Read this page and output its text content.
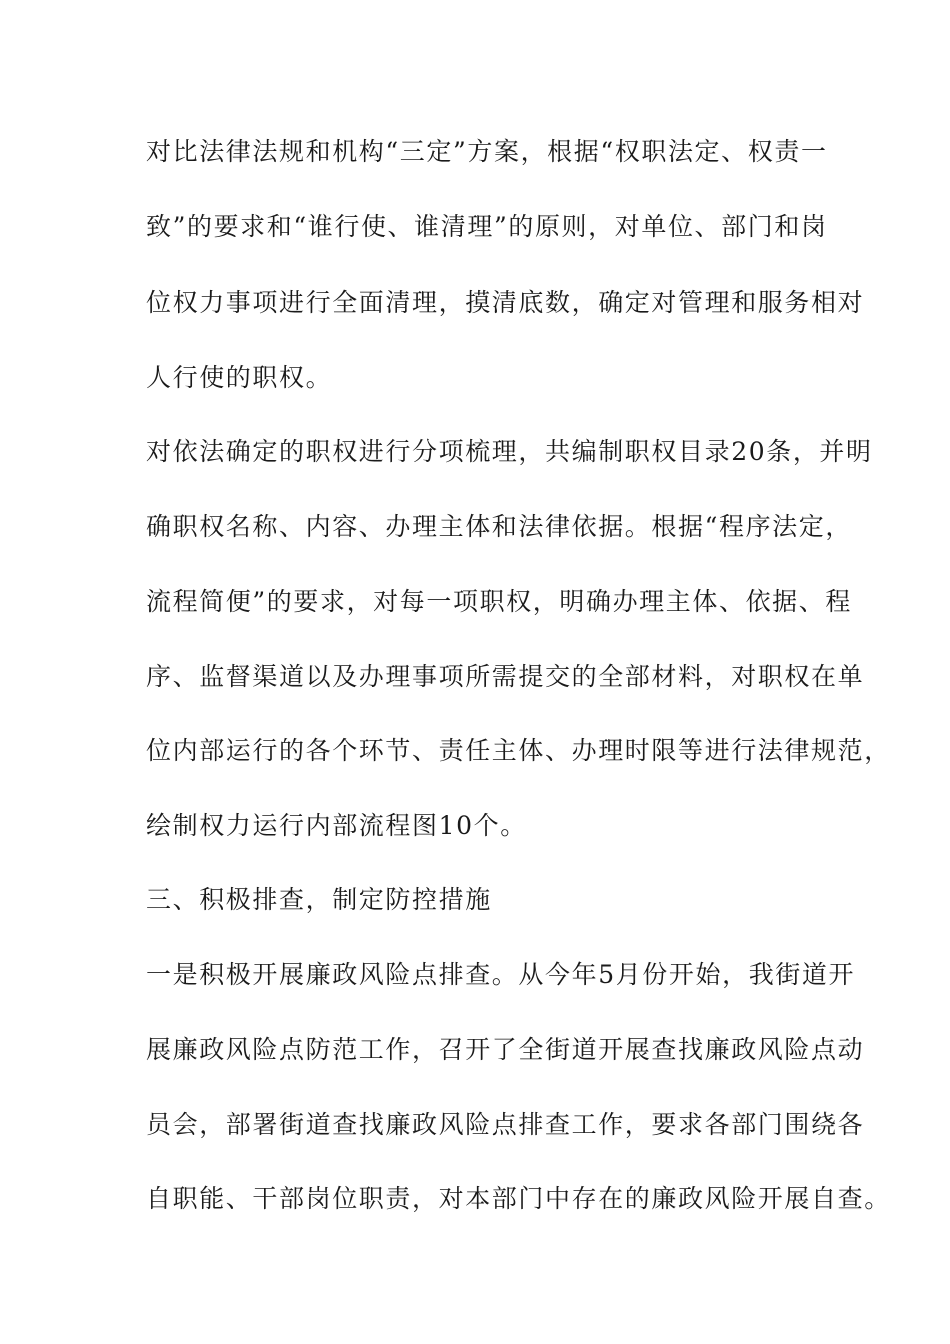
对比法律法规和机构“三定”方案，根据“权职法定、权责一
致”的要求和“谁行使、谁清理”的原则，对单位、部门和岗
位权力事项进行全面清理，摸清底数，确定对管理和服务相对
人行使的职权。
对依法确定的职权进行分项梳理，共编制职权目录20条，并明
确职权名称、内容、办理主体和法律依据。根据“程序法定，
流程简便”的要求，对每一项职权，明确办理主体、依据、程
序、监督渠道以及办理事项所需提交的全部材料，对职权在单
位内部运行的各个环节、责任主体、办理时限等进行法律规范，
绘制权力运行内部流程图10个。
三、积极排查，制定防控措施
一是积极开展廉政风险点排查。从今年5月份开始，我街道开
展廉政风险点防范工作，召开了全街道开展查找廉政风险点动
员会，部署街道查找廉政风险点排查工作，要求各部门围绕各
自职能、干部岗位职责，对本部门中存在的廉政风险开展自查。
